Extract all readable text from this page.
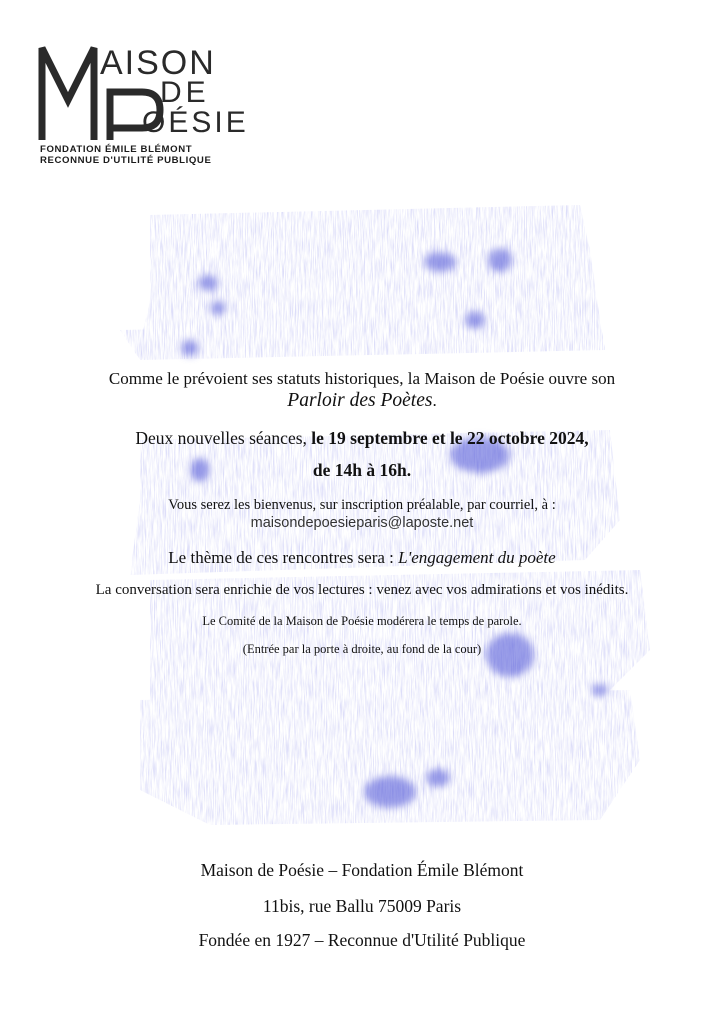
AISON
DE
OÉSIE
FONDATION ÉMILE BLÉMONT
RECONNUE D'UTILITÉ PUBLIQUE
Comme le prévoient ses statuts historiques, la Maison de Poésie ouvre son
Parloir des Poètes.
Deux nouvelles séances, le 19 septembre et le 22 octobre 2024,
de 14h à 16h.
Vous serez les bienvenus, sur inscription préalable, par courriel, à :
maisondepoesieparis@laposte.net
Le thème de ces rencontres sera : L'engagement du poète
La conversation sera enrichie de vos lectures : venez avec vos admirations et vos inédits.
Le Comité de la Maison de Poésie modérera le temps de parole.
(Entrée par la porte à droite, au fond de la cour)
Maison de Poésie – Fondation Émile Blémont
11bis, rue Ballu 75009 Paris
Fondée en 1927 – Reconnue d'Utilité Publique
